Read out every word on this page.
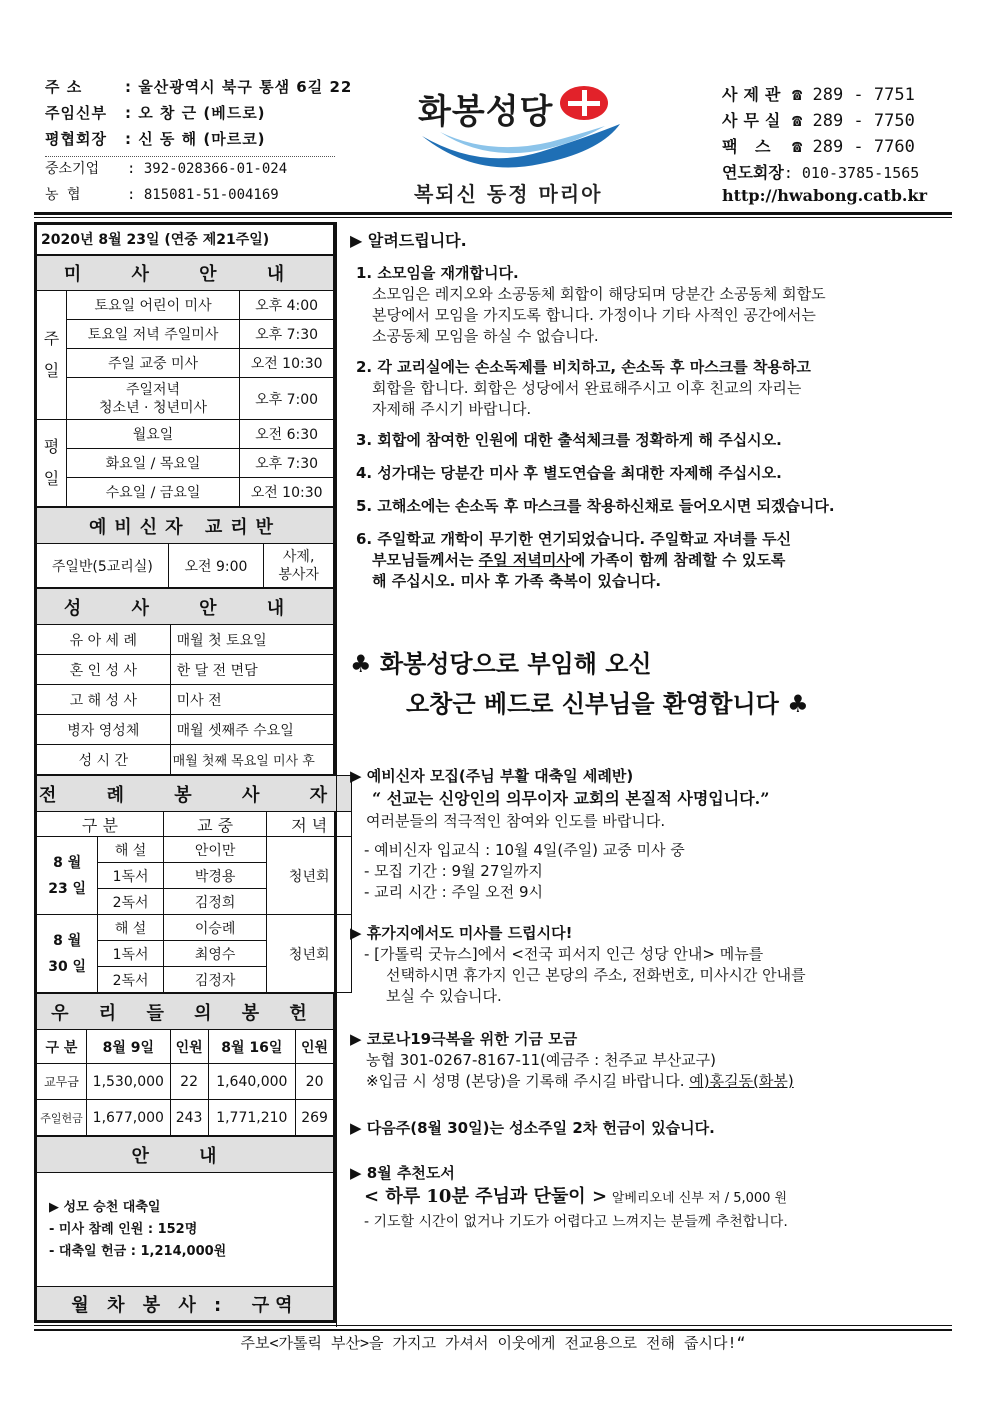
주 소	: 울산광역시 북구 통샘 6길 22
주임신부 : 오 창 근 (베드로)
평협회장 : 신 동 해 (마르코)
중소기업 : 392-028366-01-024
농 협	: 815081-51-004169
화봉성당
복되신 동정 마리아
사제관 ☎ 289 - 7751
사무실 ☎ 289 - 7750
팩 스 ☎ 289 - 7760
연도회장: 010-3785-1565
http://hwabong.catb.kr
2020년 8월 23일 (연중 제21주일)		
미 사 안 내		
주
일	토요일 어린이 미사	오후 4:00
	토요일 저녁 주일미사	오후 7:30
	주일 교중 미사	오전 10:30
	주일저녁
청소년 · 청년미사	오후 7:00
평
일	월요일	오전 6:30
	화요일 / 목요일	오후 7:30
	수요일 / 금요일	오전 10:30
예비신자 교리반
주일반(5교리실)	오전 9:00	사제,
봉사자
성 사 안 내	
유 아 세 례	매월 첫 토요일
혼 인 성 사	한 달 전 면담
고 해 성 사	미사 전
병자 영성체	매월 셋째주 수요일
성 시 간	매월 첫째 목요일 미사 후
전 례 봉 사 자			
구 분		교 중	저 녁
8 월
23 일	해 설	안이만	청년회
	1독서	박경용	
	2독서	김정희	
8 월
30 일	해 설	이승례	청년회
	1독서	최영수	
	2독서	김정자	
우 리 들 의 봉 헌				
구 분	8월 9일	인원	8월 16일	인원
교무금	1,530,000	22	1,640,000	20
주일헌금	1,677,000	243	1,771,210	269
안 내

▶ 성모 승천 대축일
- 미사 참례 인원 : 152명
- 대축일 헌금 : 1,214,000원

월 차 봉 사 : 구역
▶ 알려드립니다.

1. 소모임을 재개합니다.

소모임은 레지오와 소공동체 회합이 해당되며 당분간 소공동체 회합도

본당에서 모임을 가지도록 합니다. 가정이나 기타 사적인 공간에서는

소공동체 모임을 하실 수 없습니다.

2. 각 교리실에는 손소독제를 비치하고, 손소독 후 마스크를 착용하고

회합을 합니다. 회합은 성당에서 완료해주시고 이후 친교의 자리는

자제해 주시기 바랍니다.

3. 회합에 참여한 인원에 대한 출석체크를 정확하게 해 주십시오.

4. 성가대는 당분간 미사 후 별도연습을 최대한 자제해 주십시오.

5. 고해소에는 손소독 후 마스크를 착용하신채로 들어오시면 되겠습니다.

6. 주일학교 개학이 무기한 연기되었습니다. 주일학교 자녀를 두신

부모님들께서는 주일 저녁미사에 가족이 함께 참례할 수 있도록

해 주십시오. 미사 후 가족 축복이 있습니다.

♣ 화봉성당으로 부임해 오신
오창근 베드로 신부님을 환영합니다 ♣

▶ 예비신자 모집(주님 부활 대축일 세례반)

“ 선교는 신앙인의 의무이자 교회의 본질적 사명입니다.”

여러분들의 적극적인 참여와 인도를 바랍니다.

- 예비신자 입교식 : 10월 4일(주일) 교중 미사 중

- 모집 기간 : 9월 27일까지

- 교리 시간 : 주일 오전 9시

▶ 휴가지에서도 미사를 드립시다!

- [가톨릭 굿뉴스]에서 <전국 피서지 인근 성당 안내> 메뉴를

선택하시면 휴가지 인근 본당의 주소, 전화번호, 미사시간 안내를

보실 수 있습니다.

▶ 코로나19극복을 위한 기금 모금

농협 301-0267-8167-11(예금주 : 천주교 부산교구)

※입금 시 성명 (본당)을 기록해 주시길 바랍니다. 예)홍길동(화봉)

▶ 다음주(8월 30일)는 성소주일 2차 헌금이 있습니다.

▶ 8월 추천도서

< 하루 10분 주님과 단둘이 > 알베리오네 신부 저 / 5,000 원

- 기도할 시간이 없거나 기도가 어렵다고 느껴지는 분들께 추천합니다.

주보<가톨릭 부산>을 가지고 가셔서 이웃에게 전교용으로 전해 줍시다!“
